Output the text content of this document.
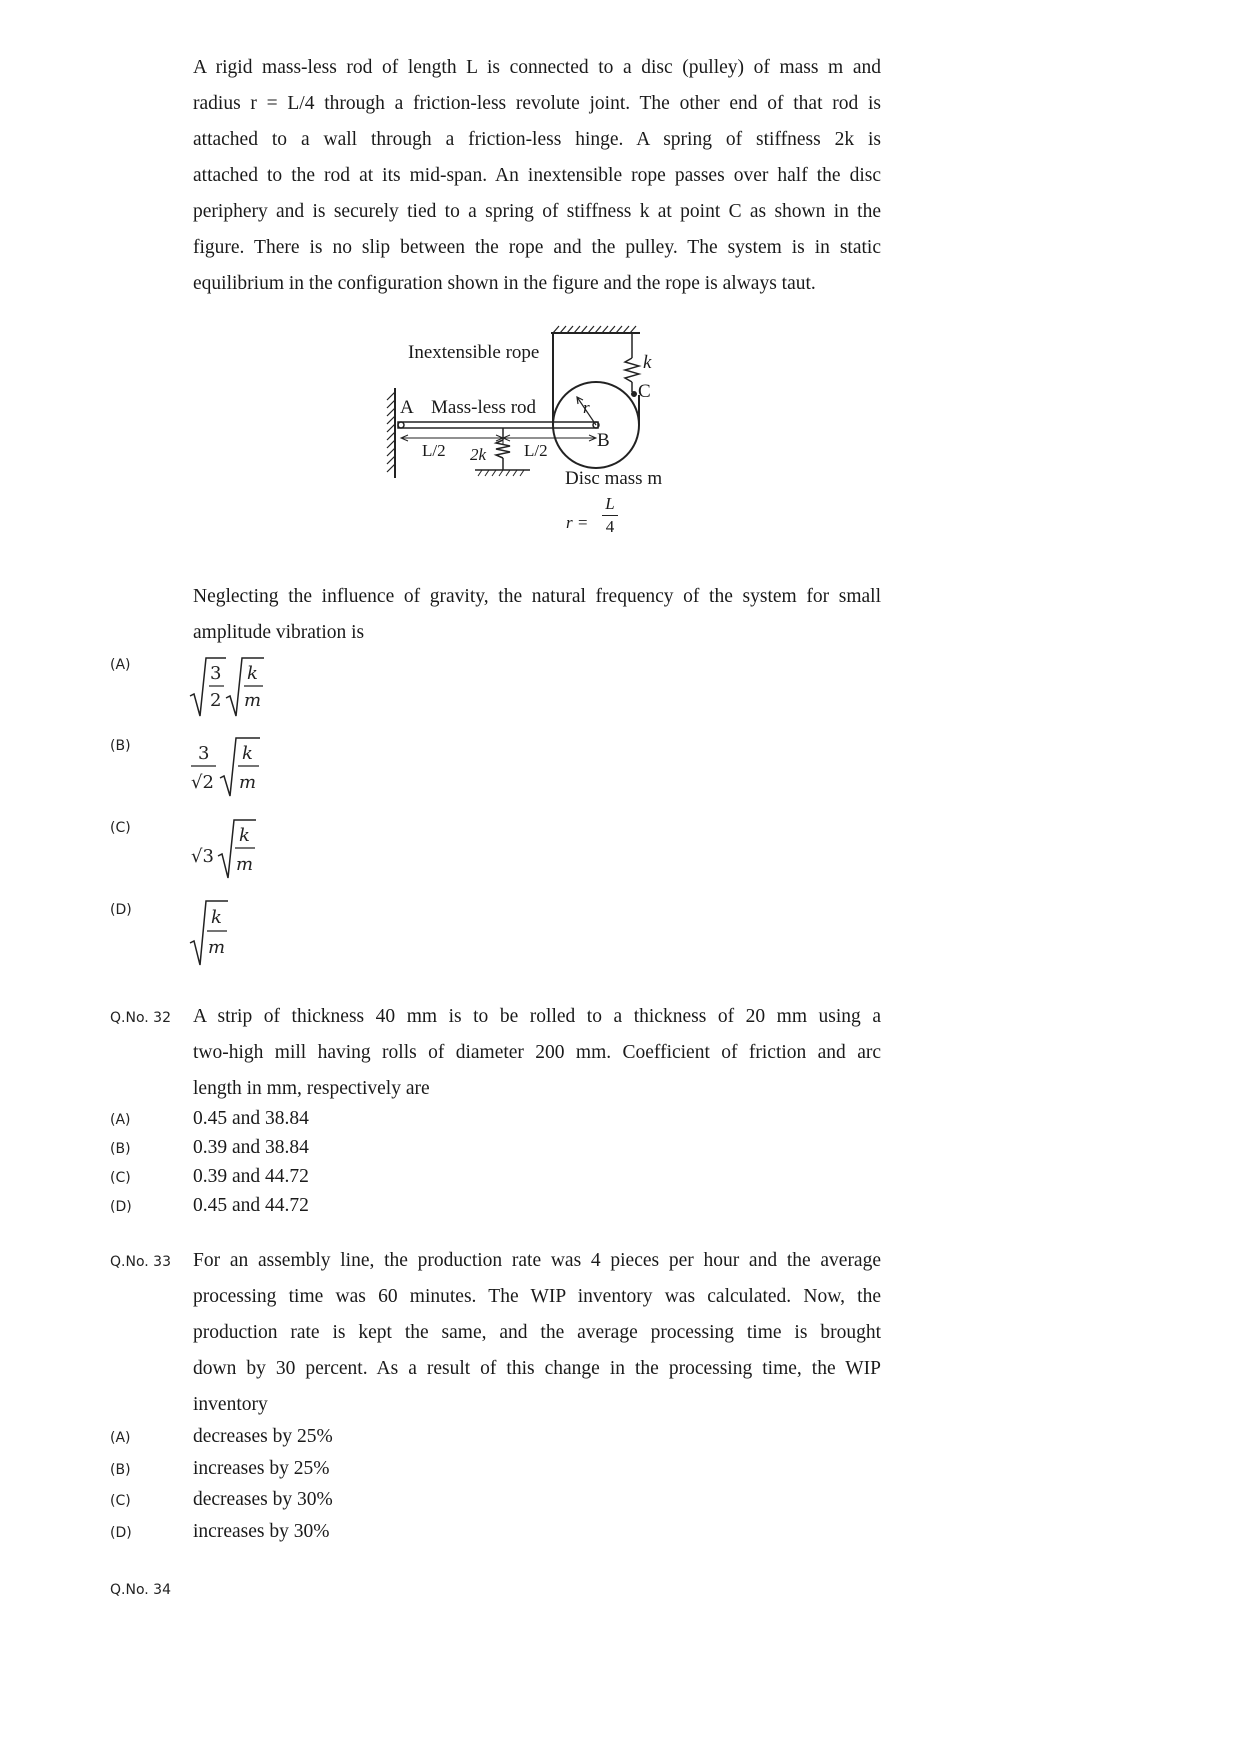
A rigid mass-less rod of length L is connected to a disc (pulley) of mass m and
radius r = L/4 through a friction-less revolute joint. The other end of that rod is
attached to a wall through a friction-less hinge. A spring of stiffness 2k is
attached to the rod at its mid-span. An inextensible rope passes over half the disc
periphery and is securely tied to a spring of stiffness k at point C as shown in the
figure. There is no slip between the rope and the pulley. The system is in static
equilibrium in the configuration shown in the figure and the rope is always taut.
Inextensible rope
A Mass-less rod
k
C
r
B
L/2 2k L/2
Disc mass m
r =
L
4
Neglecting the influence of gravity, the natural frequency of the system for small
amplitude vibration is
(A)
(B)
(C)
(D)
3
2
k
m
3
√2
k
m
√3
k
m
k
m
Q.No. 32 A strip of thickness 40 mm is to be rolled to a thickness of 20 mm using a
two-high mill having rolls of diameter 200 mm. Coefficient of friction and arc
length in mm, respectively are
(A)	0.45 and 38.84
(B)	0.39 and 38.84
(C)	0.39 and 44.72
(D)	0.45 and 44.72
Q.No. 33 For an assembly line, the production rate was 4 pieces per hour and the average
processing time was 60 minutes. The WIP inventory was calculated. Now, the
production rate is kept the same, and the average processing time is brought
down by 30 percent. As a result of this change in the processing time, the WIP
inventory
(A)	decreases by 25%
(B)	increases by 25%
(C)	decreases by 30%
(D)	increases by 30%
Q.No. 34
